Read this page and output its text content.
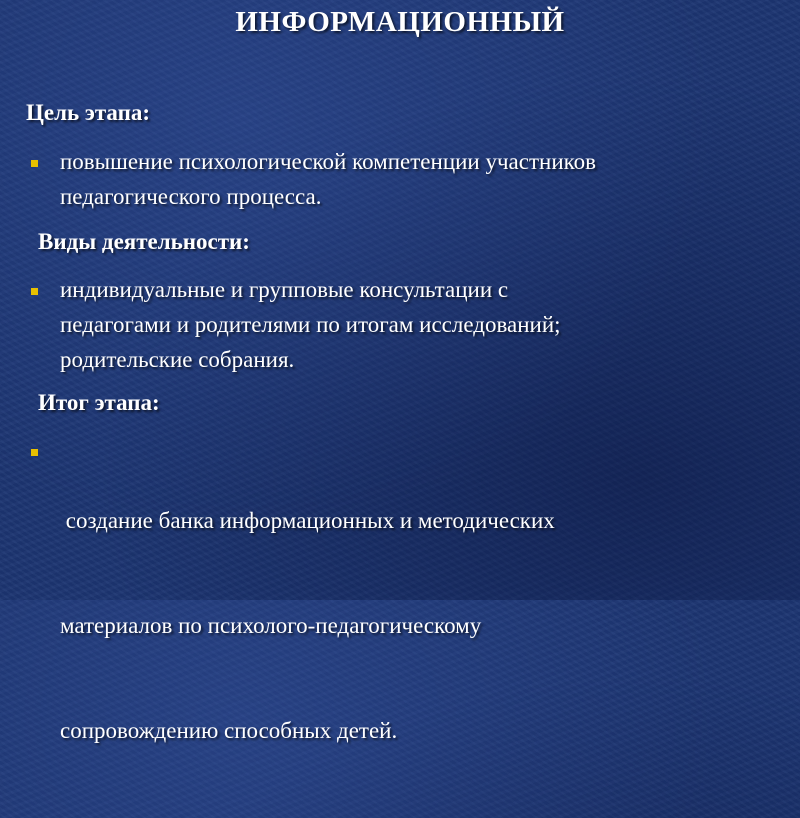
ИНФОРМАЦИОННЫЙ
Цель этапа:
повышение психологической компетенции участников
педагогического процесса.
Виды деятельности:
индивидуальные и групповые консультации с
педагогами и родителями по итогам исследований;
родительские собрания.
Итог этапа:

создание банка информационных и методических

материалов по психолого-педагогическому

сопровождению способных детей.
